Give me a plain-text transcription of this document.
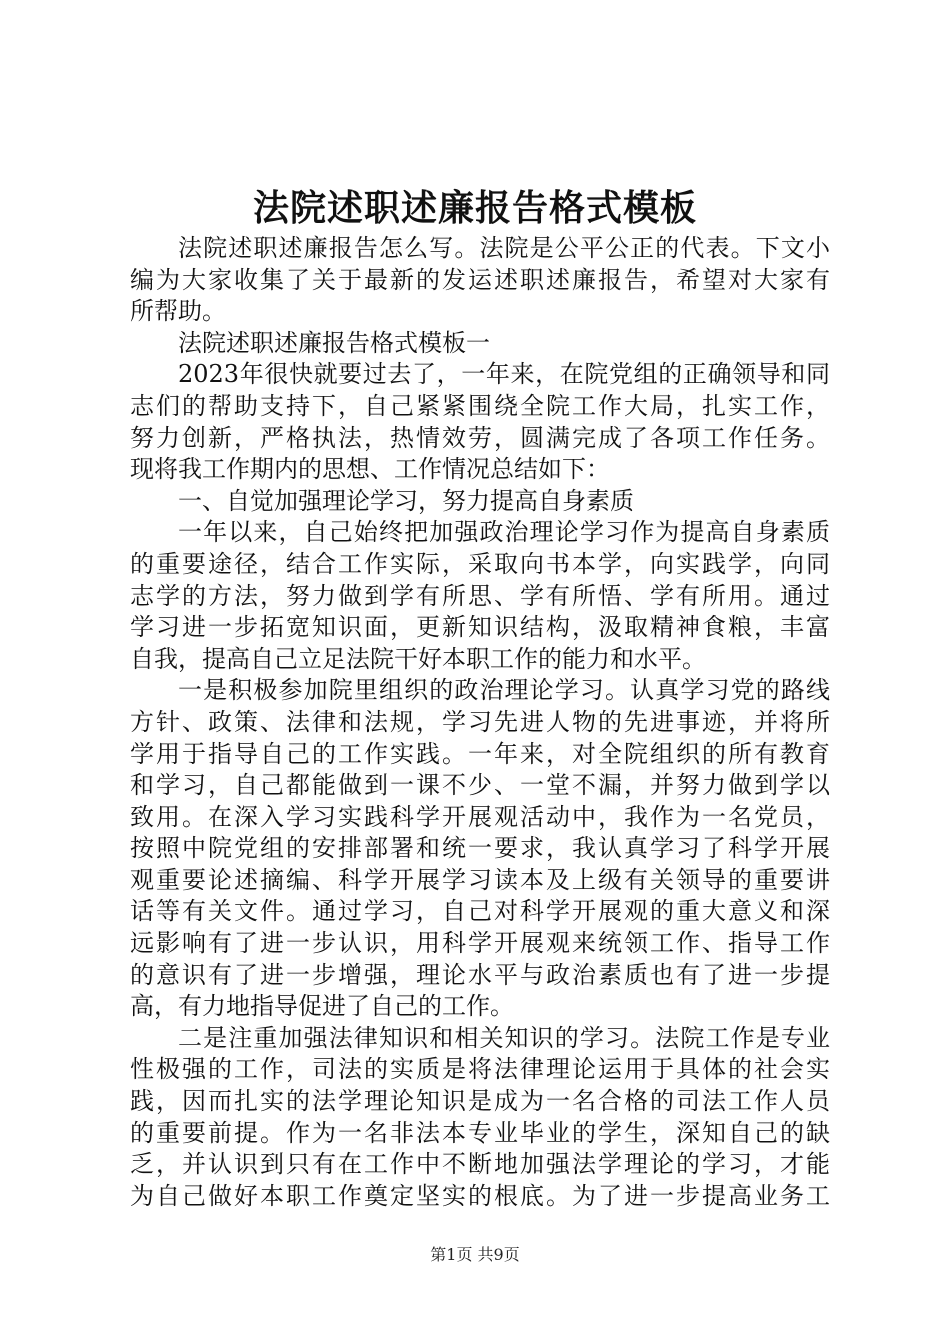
法院述职述廉报告格式模板
法院述职述廉报告怎么写。法院是公平公正的代表。下文小
编为大家收集了关于最新的发运述职述廉报告，希望对大家有
所帮助。
法院述职述廉报告格式模板一
2023年很快就要过去了，一年来，在院党组的正确领导和同
志们的帮助支持下，自己紧紧围绕全院工作大局，扎实工作，
努力创新，严格执法，热情效劳，圆满完成了各项工作任务。
现将我工作期内的思想、工作情况总结如下：
一、自觉加强理论学习，努力提高自身素质
一年以来，自己始终把加强政治理论学习作为提高自身素质
的重要途径，结合工作实际，采取向书本学，向实践学，向同
志学的方法，努力做到学有所思、学有所悟、学有所用。通过
学习进一步拓宽知识面，更新知识结构，汲取精神食粮，丰富
自我，提高自己立足法院干好本职工作的能力和水平。
一是积极参加院里组织的政治理论学习。认真学习党的路线
方针、政策、法律和法规，学习先进人物的先进事迹，并将所
学用于指导自己的工作实践。一年来，对全院组织的所有教育
和学习，自己都能做到一课不少、一堂不漏，并努力做到学以
致用。在深入学习实践科学开展观活动中，我作为一名党员，
按照中院党组的安排部署和统一要求，我认真学习了科学开展
观重要论述摘编、科学开展学习读本及上级有关领导的重要讲
话等有关文件。通过学习，自己对科学开展观的重大意义和深
远影响有了进一步认识，用科学开展观来统领工作、指导工作
的意识有了进一步增强，理论水平与政治素质也有了进一步提
高，有力地指导促进了自己的工作。
二是注重加强法律知识和相关知识的学习。法院工作是专业
性极强的工作，司法的实质是将法律理论运用于具体的社会实
践，因而扎实的法学理论知识是成为一名合格的司法工作人员
的重要前提。作为一名非法本专业毕业的学生，深知自己的缺
乏，并认识到只有在工作中不断地加强法学理论的学习，才能
为自己做好本职工作奠定坚实的根底。为了进一步提高业务工
第1页 共9页
